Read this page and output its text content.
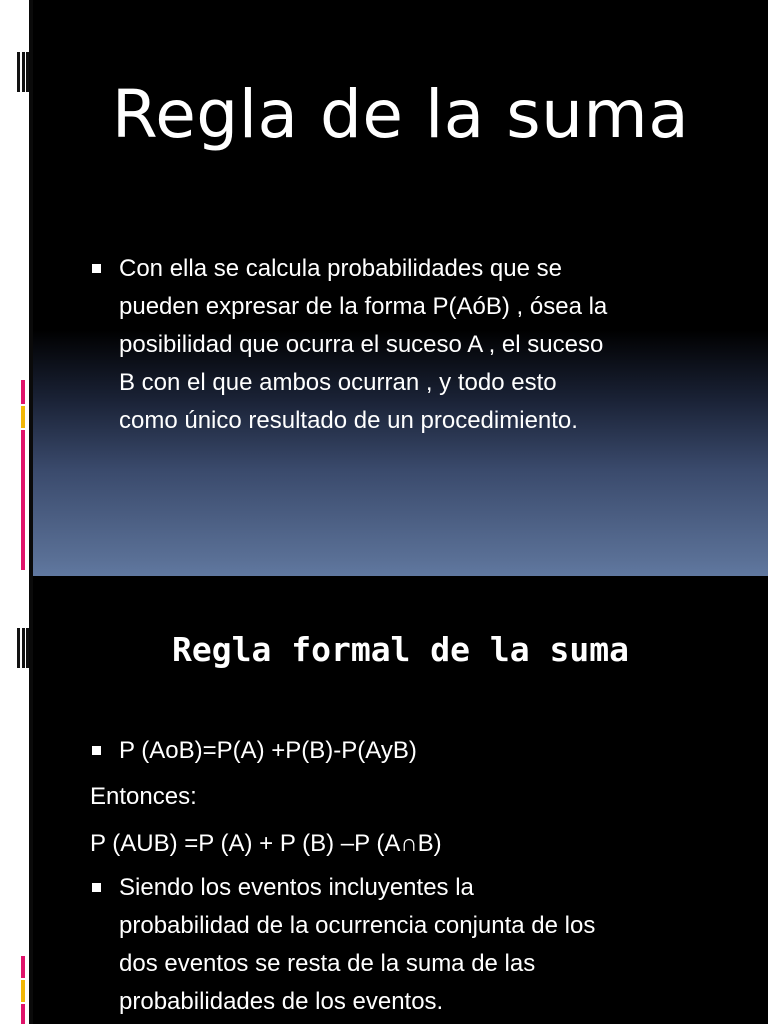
Regla de la suma
Con ella se calcula probabilidades que se
pueden expresar de la forma P(AóB) , ósea la
posibilidad que ocurra el suceso A , el suceso
B con el que ambos ocurran , y todo esto
como único resultado de un procedimiento.
Regla formal de la suma
P (AoB)=P(A) +P(B)-P(AyB)
Entonces:
P (AUB) =P (A) + P (B) –P (A∩B)
Siendo los eventos incluyentes la
probabilidad de la ocurrencia conjunta de los
dos eventos se resta de la suma de las
probabilidades de los eventos.
